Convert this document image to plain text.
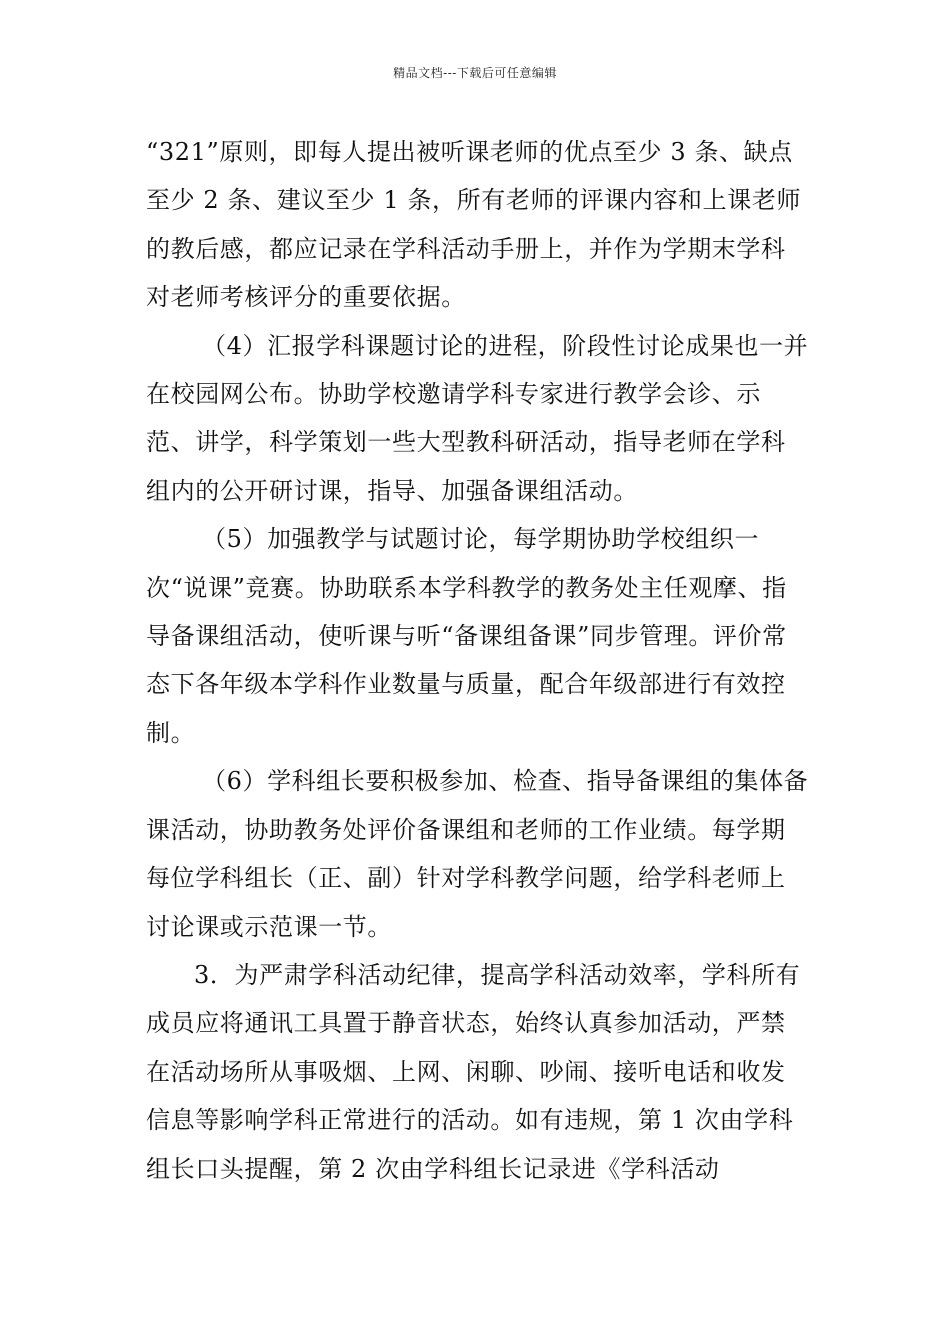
精品文档---下载后可任意编辑

“321”原则，即每人提出被听课老师的优点至少 3 条、缺点至少 2 条、建议至少 1 条，所有老师的评课内容和上课老师的教后感，都应记录在学科活动手册上，并作为学期末学科对老师考核评分的重要依据。

（4）汇报学科课题讨论的进程，阶段性讨论成果也一并在校园网公布。协助学校邀请学科专家进行教学会诊、示范、讲学，科学策划一些大型教科研活动，指导老师在学科组内的公开研讨课，指导、加强备课组活动。

（5）加强教学与试题讨论，每学期协助学校组织一次“说课”竞赛。协助联系本学科教学的教务处主任观摩、指导备课组活动，使听课与听“备课组备课”同步管理。评价常态下各年级本学科作业数量与质量，配合年级部进行有效控制。

（6）学科组长要积极参加、检查、指导备课组的集体备课活动，协助教务处评价备课组和老师的工作业绩。每学期每位学科组长（正、副）针对学科教学问题，给学科老师上讨论课或示范课一节。

3．为严肃学科活动纪律，提高学科活动效率，学科所有成员应将通讯工具置于静音状态，始终认真参加活动，严禁在活动场所从事吸烟、上网、闲聊、吵闹、接听电话和收发信息等影响学科正常进行的活动。如有违规，第 1 次由学科组长口头提醒，第 2 次由学科组长记录进《学科活动
